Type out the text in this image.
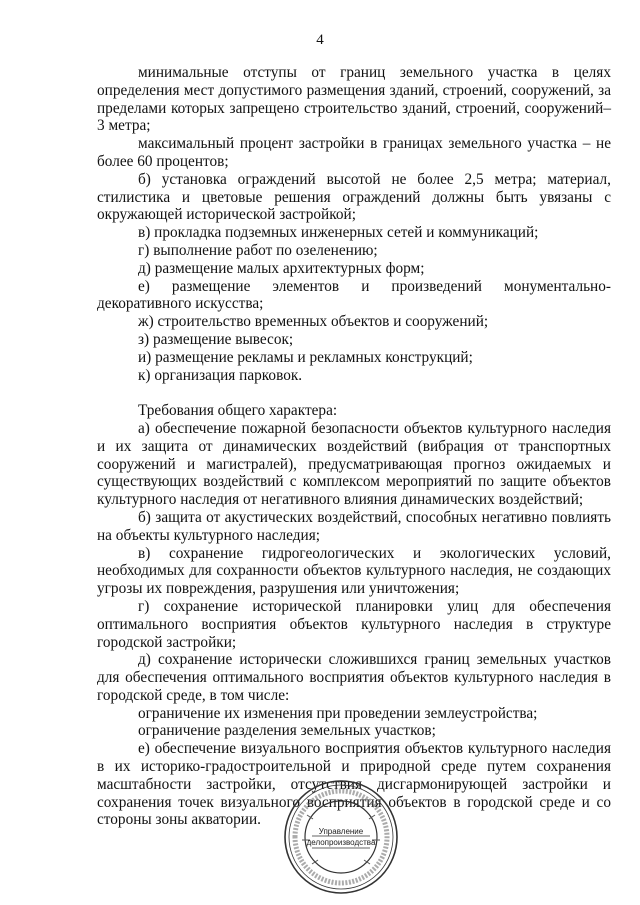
4

минимальные отступы от границ земельного участка в целях определения мест допустимого размещения зданий, строений, сооружений, за пределами которых запрещено строительство зданий, строений, сооружений–3 метра;

максимальный процент застройки в границах земельного участка – не более 60 процентов;

б) установка ограждений высотой не более 2,5 метра; материал, стилистика и цветовые решения ограждений должны быть увязаны с окружающей исторической застройкой;

в) прокладка подземных инженерных сетей и коммуникаций;

г) выполнение работ по озеленению;

д) размещение малых архитектурных форм;

е) размещение элементов и произведений монументально-декоративного искусства;

ж) строительство временных объектов и сооружений;

з) размещение вывесок;

и) размещение рекламы и рекламных конструкций;

к) организация парковок.

Требования общего характера:

а) обеспечение пожарной безопасности объектов культурного наследия и их защита от динамических воздействий (вибрация от транспортных сооружений и магистралей), предусматривающая прогноз ожидаемых и существующих воздействий с комплексом мероприятий по защите объектов культурного наследия от негативного влияния динамических воздействий;

б) защита от акустических воздействий, способных негативно повлиять на объекты культурного наследия;

в) сохранение гидрогеологических и экологических условий, необходимых для сохранности объектов культурного наследия, не создающих угрозы их повреждения, разрушения или уничтожения;

г) сохранение исторической планировки улиц для обеспечения оптимального восприятия объектов культурного наследия в структуре городской застройки;

д) сохранение исторически сложившихся границ земельных участков для обеспечения оптимального восприятия объектов культурного наследия в городской среде, в том числе:

ограничение их изменения при проведении землеустройства;

ограничение разделения земельных участков;

е) обеспечение визуального восприятия объектов культурного наследия в их историко-градостроительной и природной среде путем сохранения масштабности застройки, отсутствия дисгармонирующей застройки и сохранения точек визуального восприятия объектов в городской среде и со стороны зоны акватории.

Управление
делопроизводства
